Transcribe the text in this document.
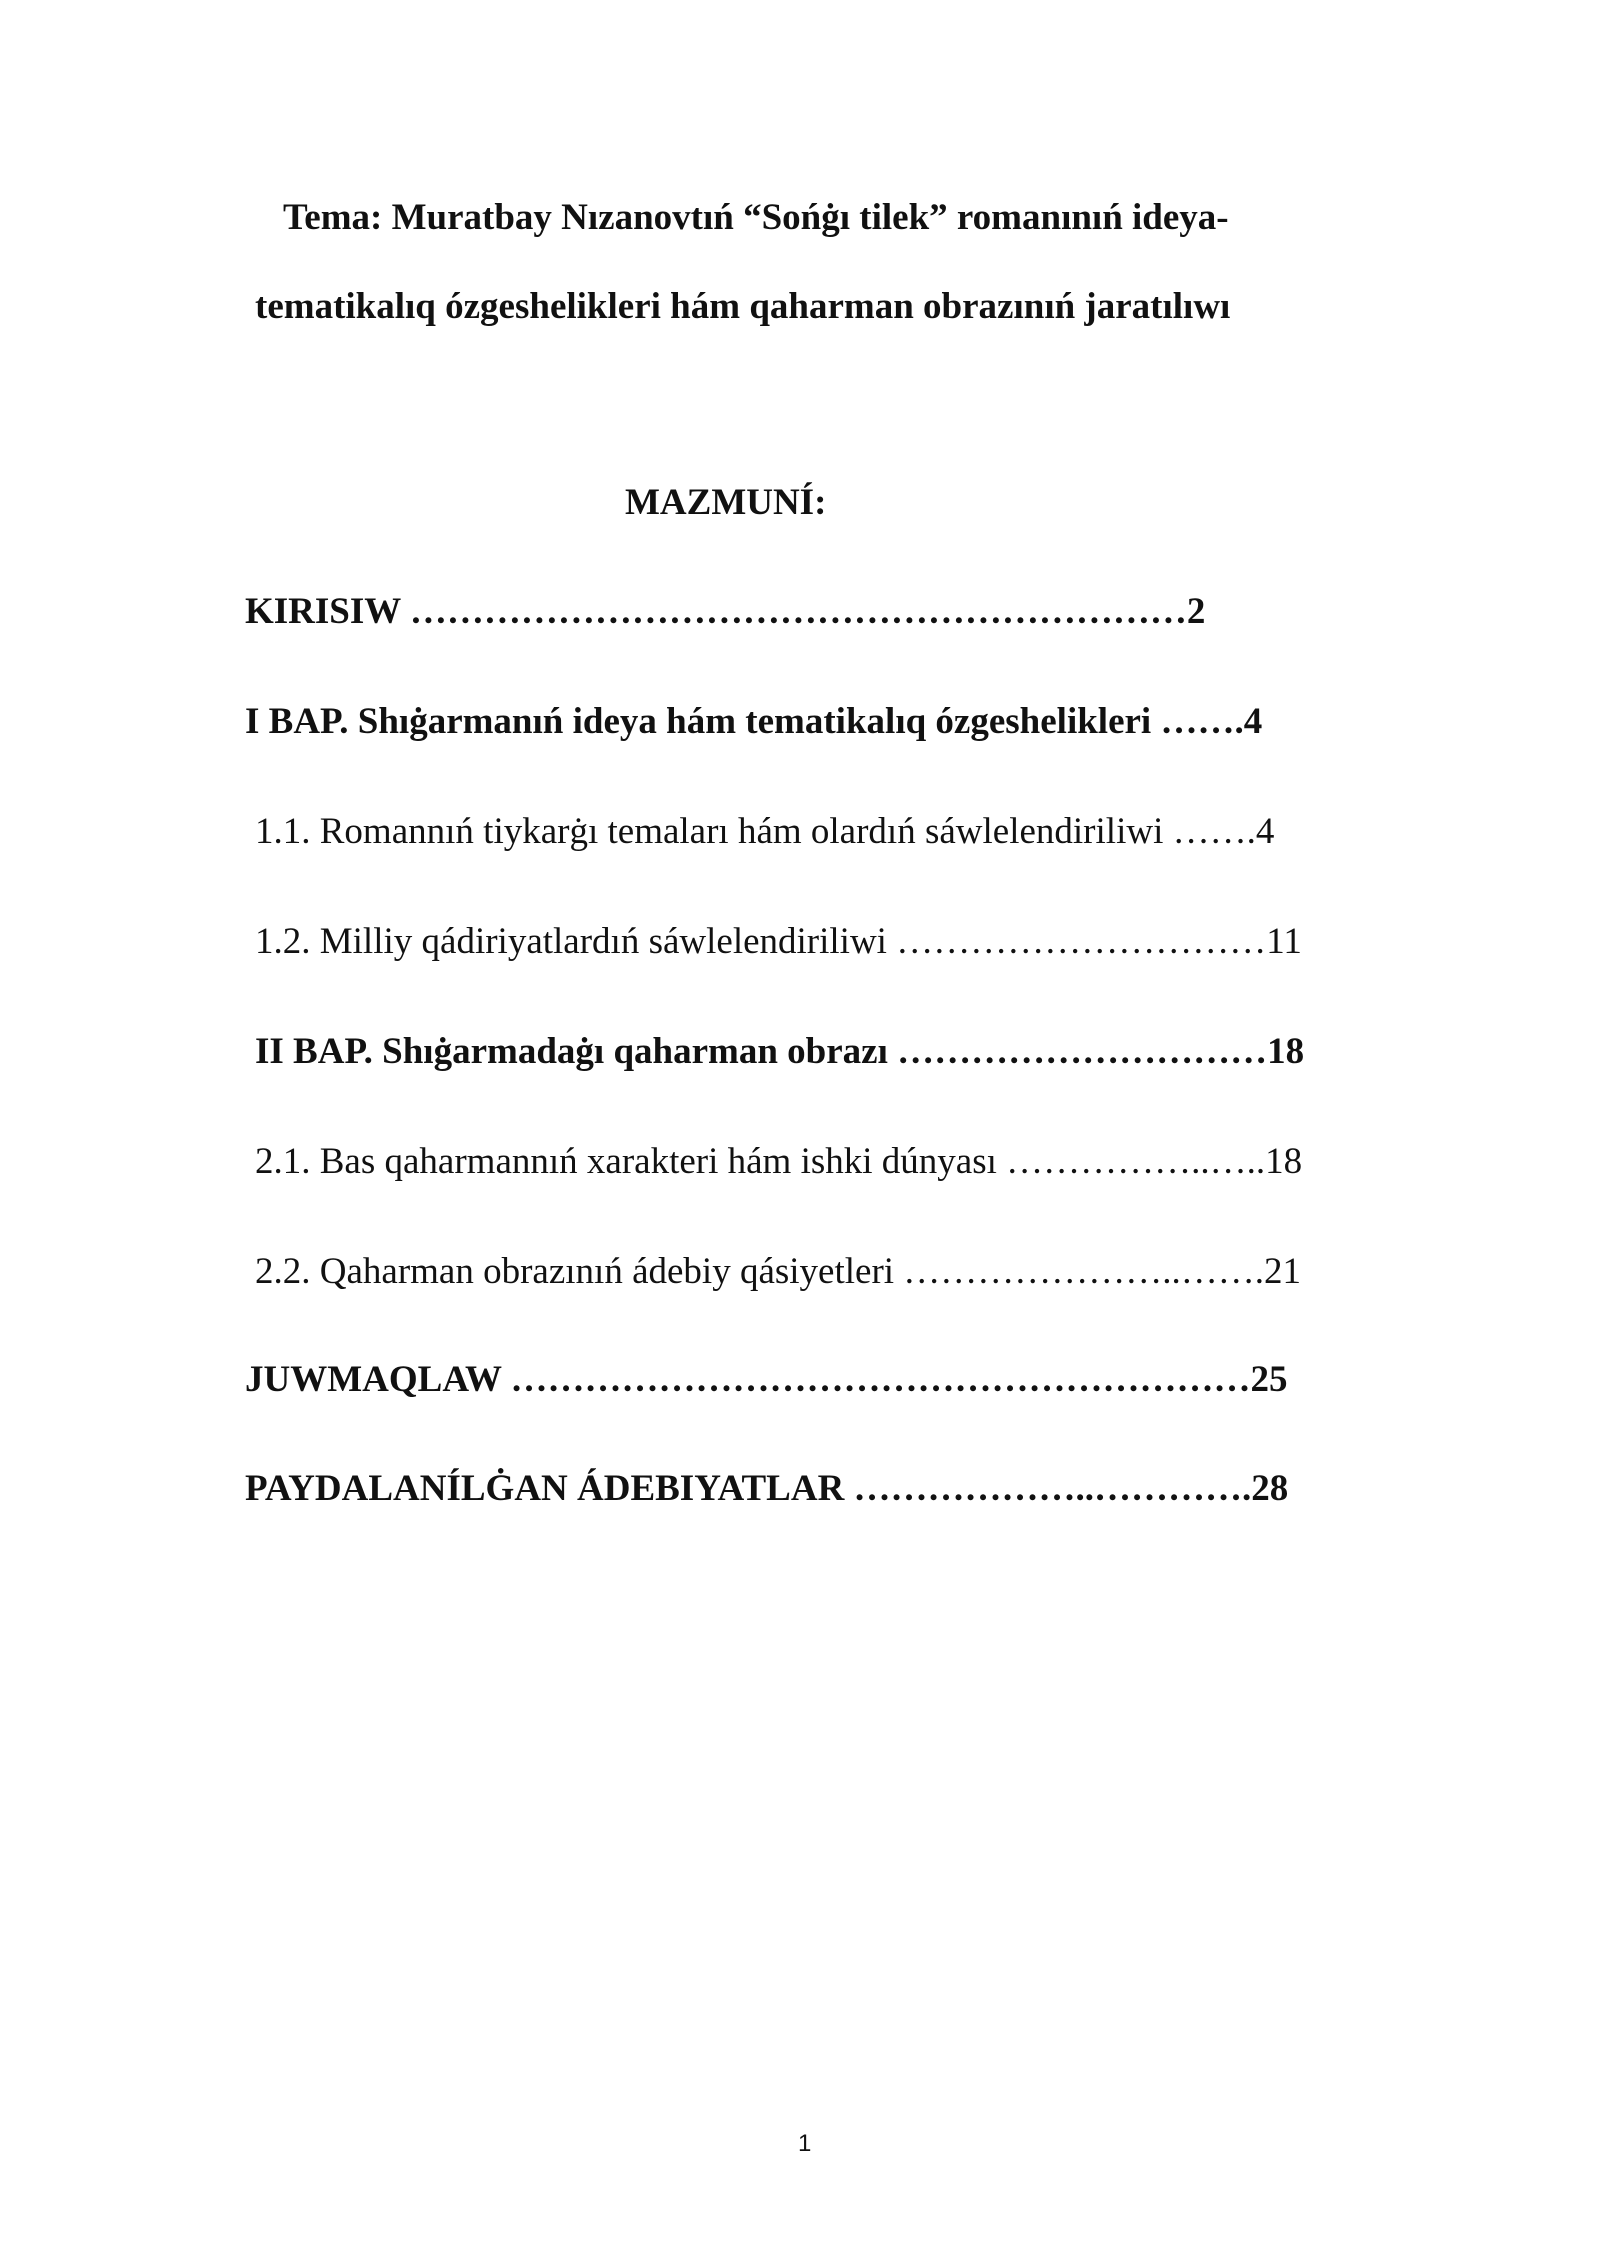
Tema: Muratbay Nızanovtıń “Sońġı tilek” romanınıń ideya-
tematikalıq ózgeshelikleri hám qaharman obrazınıń jaratılıwı
MAZMUNÍ:
KIRISIW ………………………………………………………2
I BAP. Shıġarmanıń ideya hám tematikalıq ózgeshelikleri …….4
1.1. Romannıń tiykarġı temaları hám olardıń sáwlelendiriliwi …….4
1.2. Milliy qádiriyatlardıń sáwlelendiriliwi …………………………11
II BAP. Shıġarmadaġı qaharman obrazı …………………………18
2.1. Bas qaharmannıń xarakteri hám ishki dúnyası ……………..…..18
2.2. Qaharman obrazınıń ádebiy qásiyetleri …………………..…….21
JUWMAQLAW ……………………………………………………25
PAYDALANÍLĠAN ÁDEBIYATLAR ………………..………….28
1
